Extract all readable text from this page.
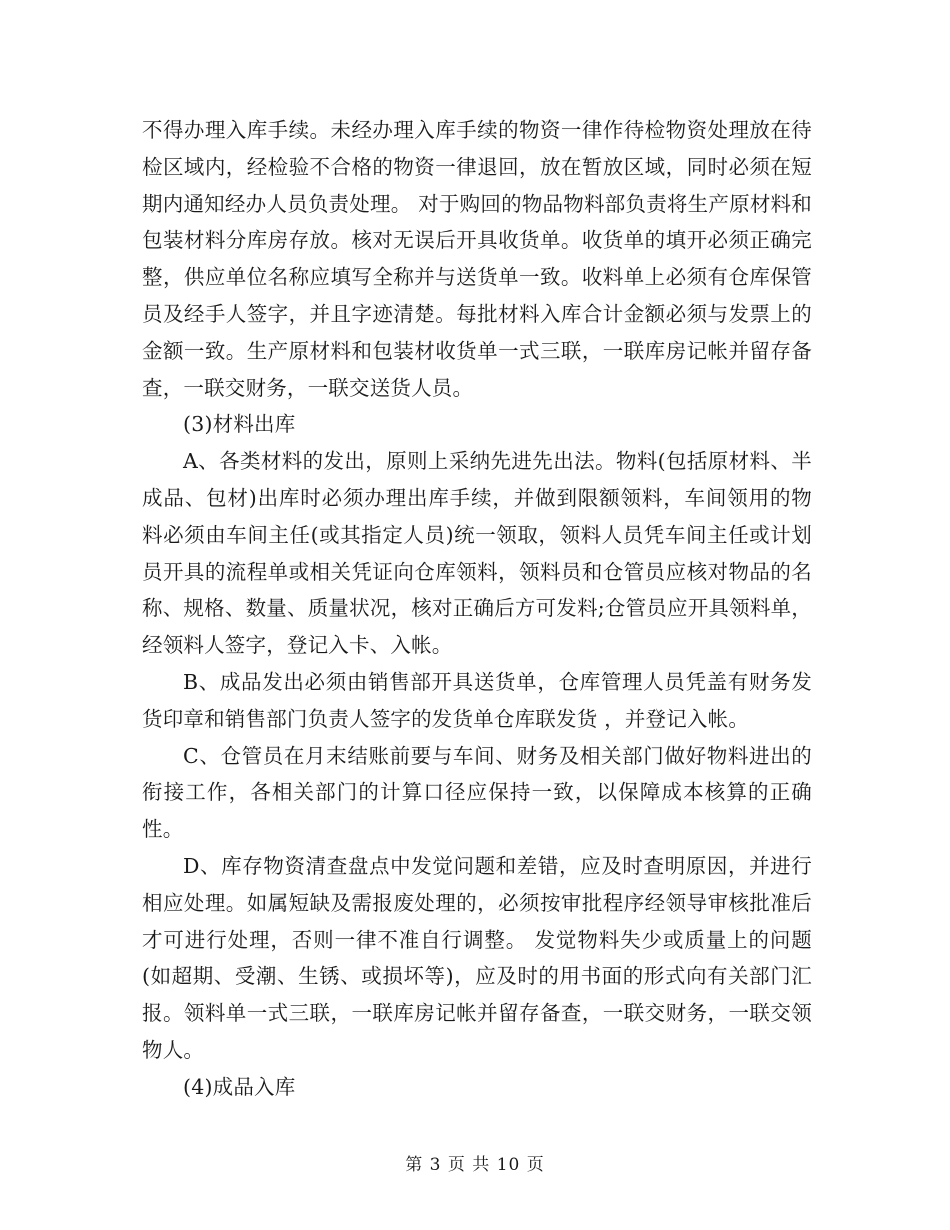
不得办理入库手续。未经办理入库手续的物资一律作待检物资处理放在待检区域内，经检验不合格的物资一律退回，放在暂放区域，同时必须在短期内通知经办人员负责处理。 对于购回的物品物料部负责将生产原材料和包装材料分库房存放。核对无误后开具收货单。收货单的填开必须正确完整，供应单位名称应填写全称并与送货单一致。收料单上必须有仓库保管员及经手人签字，并且字迹清楚。每批材料入库合计金额必须与发票上的金额一致。生产原材料和包装材收货单一式三联，一联库房记帐并留存备查，一联交财务，一联交送货人员。

(3)材料出库

A、各类材料的发出，原则上采纳先进先出法。物料(包括原材料、半成品、包材)出库时必须办理出库手续，并做到限额领料，车间领用的物料必须由车间主任(或其指定人员)统一领取，领料人员凭车间主任或计划员开具的流程单或相关凭证向仓库领料，领料员和仓管员应核对物品的名称、规格、数量、质量状况，核对正确后方可发料;仓管员应开具领料单，经领料人签字，登记入卡、入帐。

B、成品发出必须由销售部开具送货单，仓库管理人员凭盖有财务发货印章和销售部门负责人签字的发货单仓库联发货 ，并登记入帐。

C、仓管员在月末结账前要与车间、财务及相关部门做好物料进出的衔接工作，各相关部门的计算口径应保持一致，以保障成本核算的正确性。

D、库存物资清查盘点中发觉问题和差错，应及时查明原因，并进行相应处理。如属短缺及需报废处理的，必须按审批程序经领导审核批准后才可进行处理，否则一律不准自行调整。 发觉物料失少或质量上的问题(如超期、受潮、生锈、或损坏等)，应及时的用书面的形式向有关部门汇报。领料单一式三联，一联库房记帐并留存备查，一联交财务，一联交领物人。

(4)成品入库

第 3 页 共 10 页
